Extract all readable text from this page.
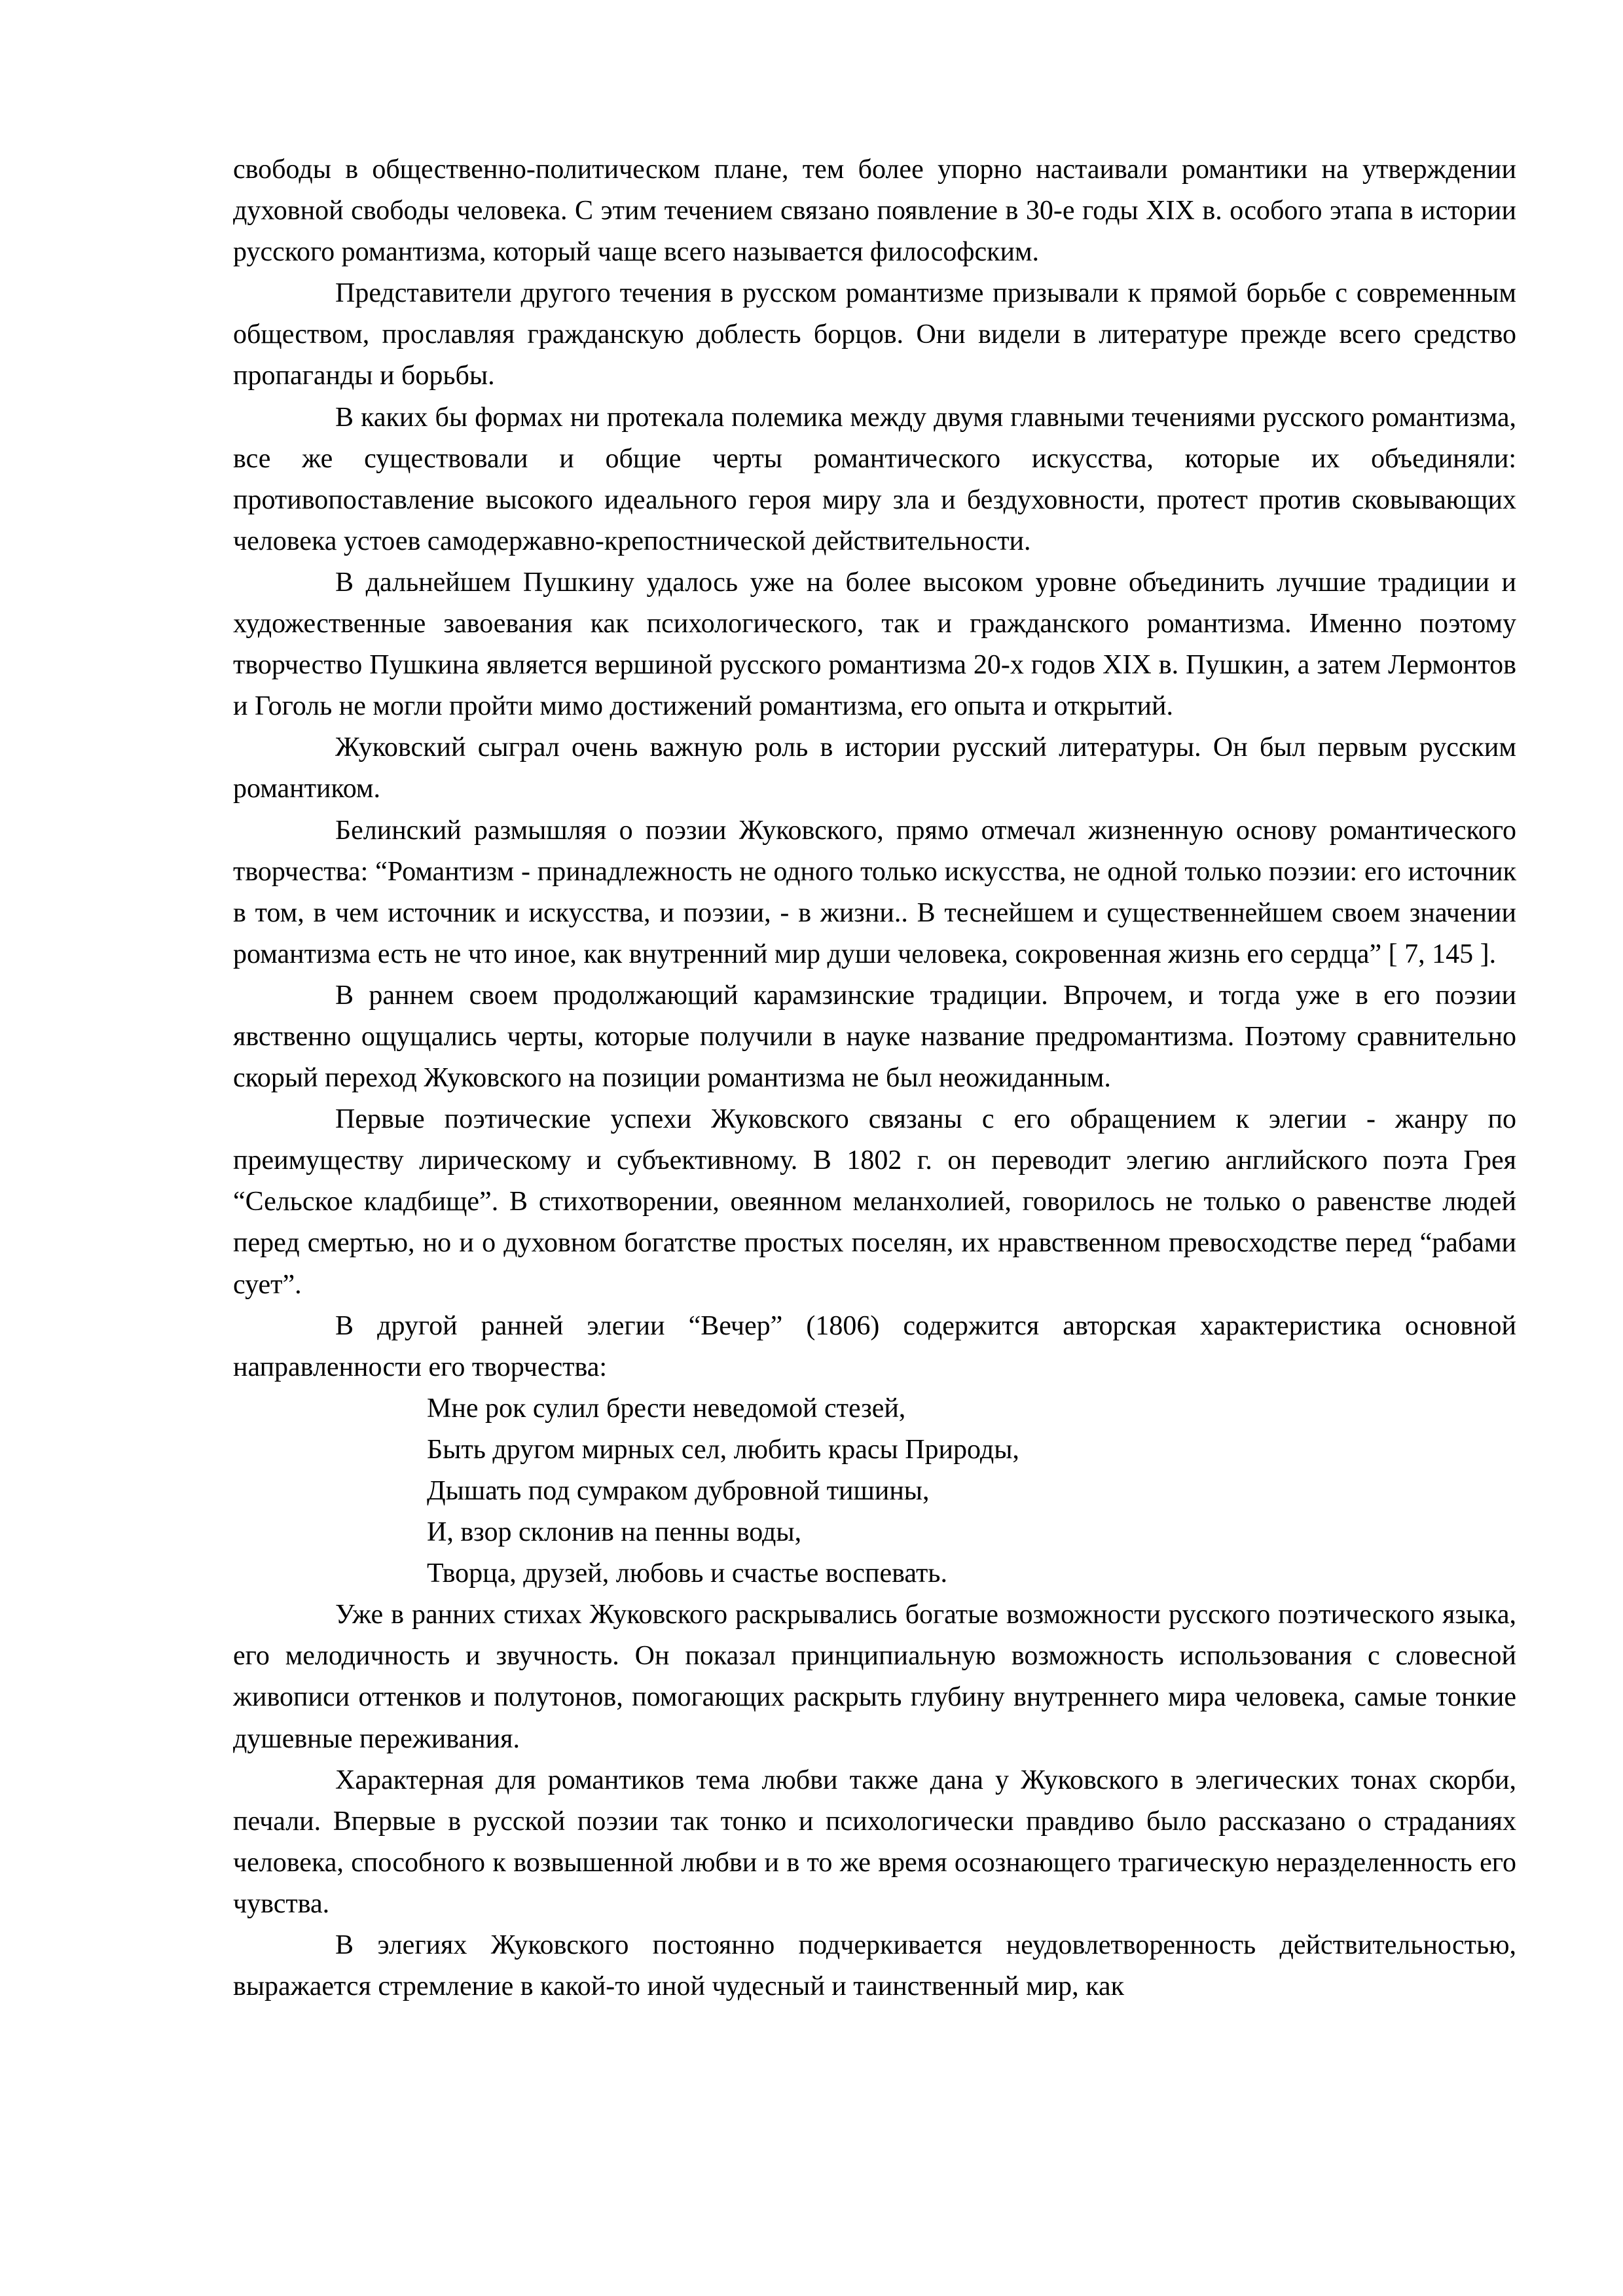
свободы в общественно-политическом плане, тем более упорно настаивали романтики на утверждении духовной свободы человека. С этим течением связано появление в 30-е годы XIX в. особого этапа в истории русского романтизма, который чаще всего называется философским.

Представители другого течения в русском романтизме призывали к прямой борьбе с современным обществом, прославляя гражданскую доблесть борцов. Они видели в литературе прежде всего средство пропаганды и борьбы.

В каких бы формах ни протекала полемика между двумя главными течениями русского романтизма, все же существовали и общие черты романтического искусства, которые их объединяли: противопоставление высокого идеального героя миру зла и бездуховности, протест против сковывающих человека устоев самодержавно-крепостнической действительности.

В дальнейшем Пушкину удалось уже на более высоком уровне объединить лучшие традиции и художественные завоевания как психологического, так и гражданского романтизма. Именно поэтому творчество Пушкина является вершиной русского романтизма 20-х годов XIX в. Пушкин, а затем Лермонтов и Гоголь не могли пройти мимо достижений романтизма, его опыта и открытий.

Жуковский сыграл очень важную роль в истории русский литературы. Он был первым русским романтиком.

Белинский размышляя о поэзии Жуковского, прямо отмечал жизненную основу романтического творчества: “Романтизм - принадлежность не одного только искусства, не одной только поэзии: его источник в том, в чем источник и искусства, и поэзии, - в жизни.. В теснейшем и существеннейшем своем значении романтизма есть не что иное, как внутренний мир души человека, сокровенная жизнь его сердца” [ 7, 145 ].

В раннем своем продолжающий карамзинские традиции. Впрочем, и тогда уже в его поэзии явственно ощущались черты, которые получили в науке название предромантизма. Поэтому сравнительно скорый переход Жуковского на позиции романтизма не был неожиданным.

Первые поэтические успехи Жуковского связаны с его обращением к элегии - жанру по преимуществу лирическому и субъективному. В 1802 г. он переводит элегию английского поэта Грея “Сельское кладбище”. В стихотворении, овеянном меланхолией, говорилось не только о равенстве людей перед смертью, но и о духовном богатстве простых поселян, их нравственном превосходстве перед “рабами сует”.

В другой ранней элегии “Вечер” (1806) содержится авторская характеристика основной направленности его творчества:

Мне рок сулил брести неведомой стезей,
Быть другом мирных сел, любить красы Природы,
Дышать под сумраком дубровной тишины,
И, взор склонив на пенны воды,
Творца, друзей, любовь и счастье воспевать.

Уже в ранних стихах Жуковского раскрывались богатые возможности русского поэтического языка, его мелодичность и звучность. Он показал принципиальную возможность использования с словесной живописи оттенков и полутонов, помогающих раскрыть глубину внутреннего мира человека, самые тонкие душевные переживания.

Характерная для романтиков тема любви также дана у Жуковского в элегических тонах скорби, печали. Впервые в русской поэзии так тонко и психологически правдиво было рассказано о страданиях человека, способного к возвышенной любви и в то же время осознающего трагическую неразделенность его чувства.

В элегиях Жуковского постоянно подчеркивается неудовлетворенность действительностью, выражается стремление в какой-то иной чудесный и таинственный мир, как
